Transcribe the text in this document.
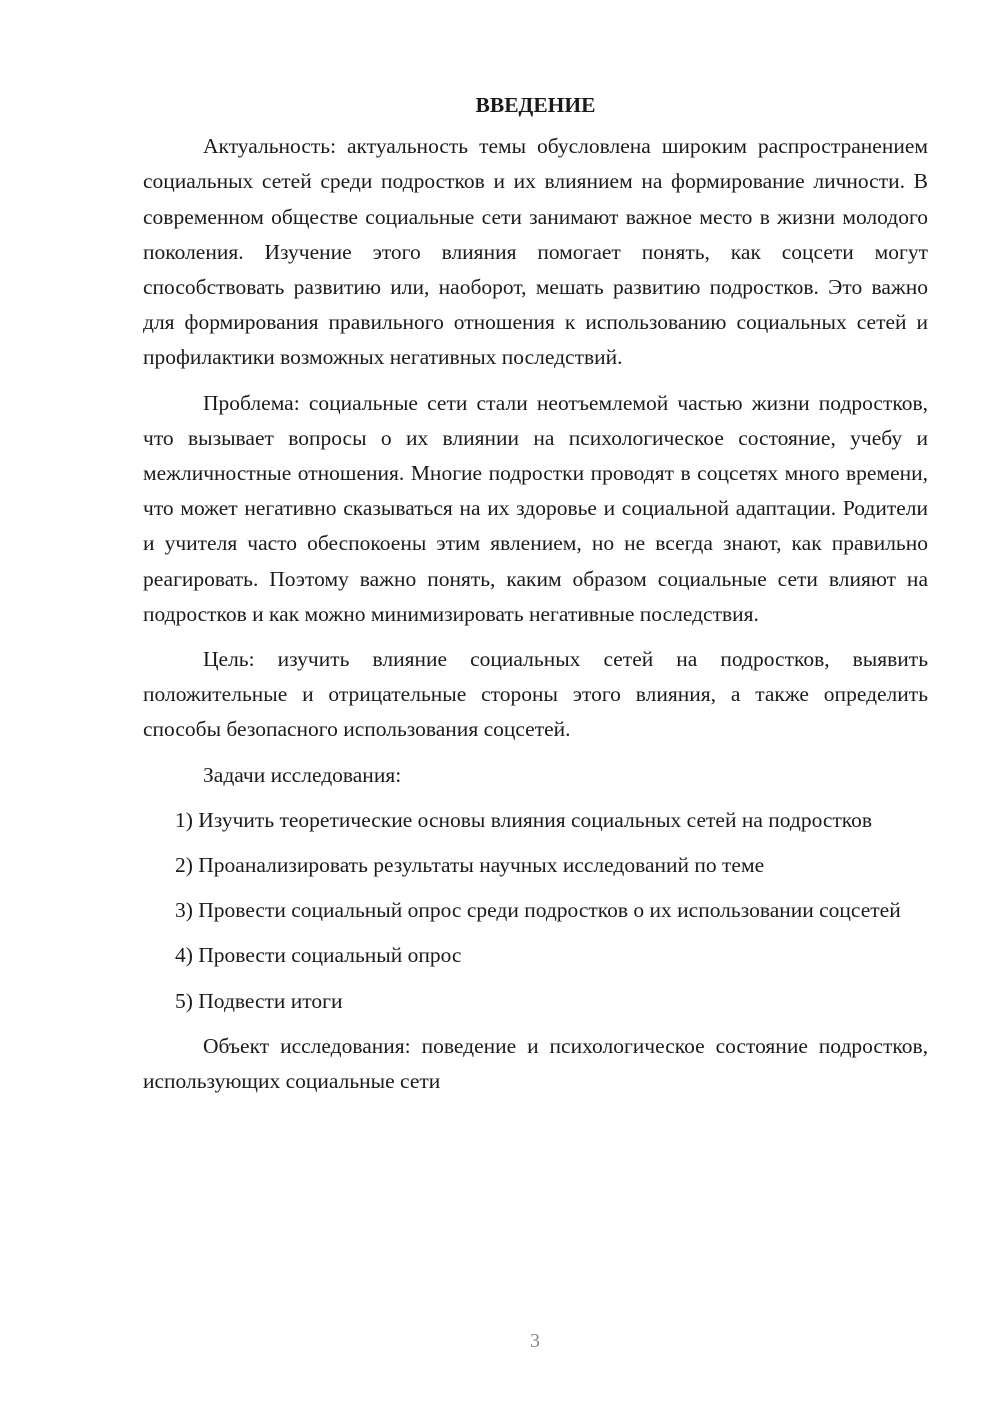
ВВЕДЕНИЕ

Актуальность: актуальность темы обусловлена широким распространением социальных сетей среди подростков и их влиянием на формирование личности. В современном обществе социальные сети занимают важное место в жизни молодого поколения. Изучение этого влияния помогает понять, как соцсети могут способствовать развитию или, наоборот, мешать развитию подростков. Это важно для формирования правильного отношения к использованию социальных сетей и профилактики возможных негативных последствий.

Проблема: социальные сети стали неотъемлемой частью жизни подростков, что вызывает вопросы о их влиянии на психологическое состояние, учебу и межличностные отношения. Многие подростки проводят в соцсетях много времени, что может негативно сказываться на их здоровье и социальной адаптации. Родители и учителя часто обеспокоены этим явлением, но не всегда знают, как правильно реагировать. Поэтому важно понять, каким образом социальные сети влияют на подростков и как можно минимизировать негативные последствия.

Цель: изучить влияние социальных сетей на подростков, выявить положительные и отрицательные стороны этого влияния, а также определить способы безопасного использования соцсетей.

Задачи исследования:

1) Изучить теоретические основы влияния социальных сетей на подростков

2) Проанализировать результаты научных исследований по теме

3) Провести социальный опрос среди подростков о их использовании соцсетей

4) Провести социальный опрос

5) Подвести итоги

Объект исследования: поведение и психологическое состояние подростков, использующих социальные сети

3
